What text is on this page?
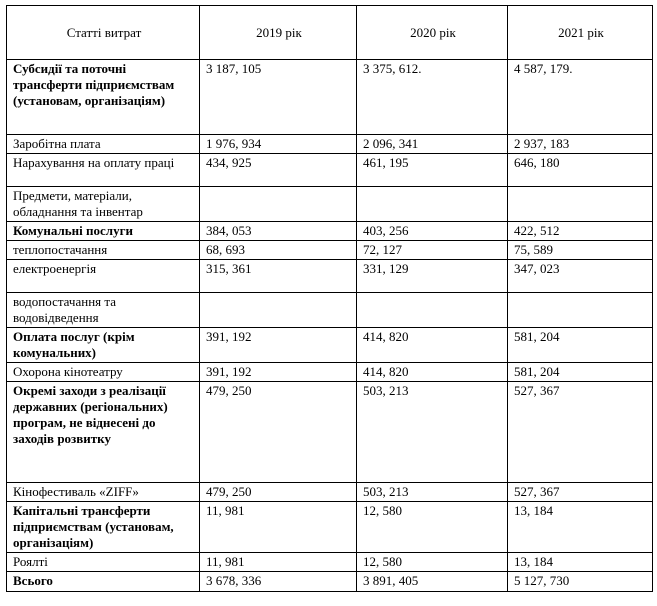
Статті витрат	2019 рік	2020 рік	2021 рік
Субсидії та поточні трансферти підприємствам (установам, організаціям)	3 187, 105	3 375, 612.	4 587, 179.
Заробітна плата	1 976, 934	2 096, 341	2 937, 183
Нарахування на оплату праці	434, 925	461, 195	646, 180
Предмети, матеріали, обладнання та інвентар			
Комунальні послуги	384, 053	403, 256	422, 512
теплопостачання	68, 693	72, 127	75, 589
електроенергія	315, 361	331, 129	347, 023
водопостачання та водовідведення			
Оплата послуг (крім комунальних)	391, 192	414, 820	581, 204
Охорона кінотеатру	391, 192	414, 820	581, 204
Окремі заходи з реалізації державних (регіональних) програм, не віднесені до заходів розвитку	479, 250	503, 213	527, 367
Кінофестиваль «ZIFF»	479, 250	503, 213	527, 367
Капітальні трансферти підприємствам (установам, організаціям)	11, 981	12, 580	13, 184
Роялті	11, 981	12, 580	13, 184
Всього	3 678, 336	3 891, 405	5 127, 730
